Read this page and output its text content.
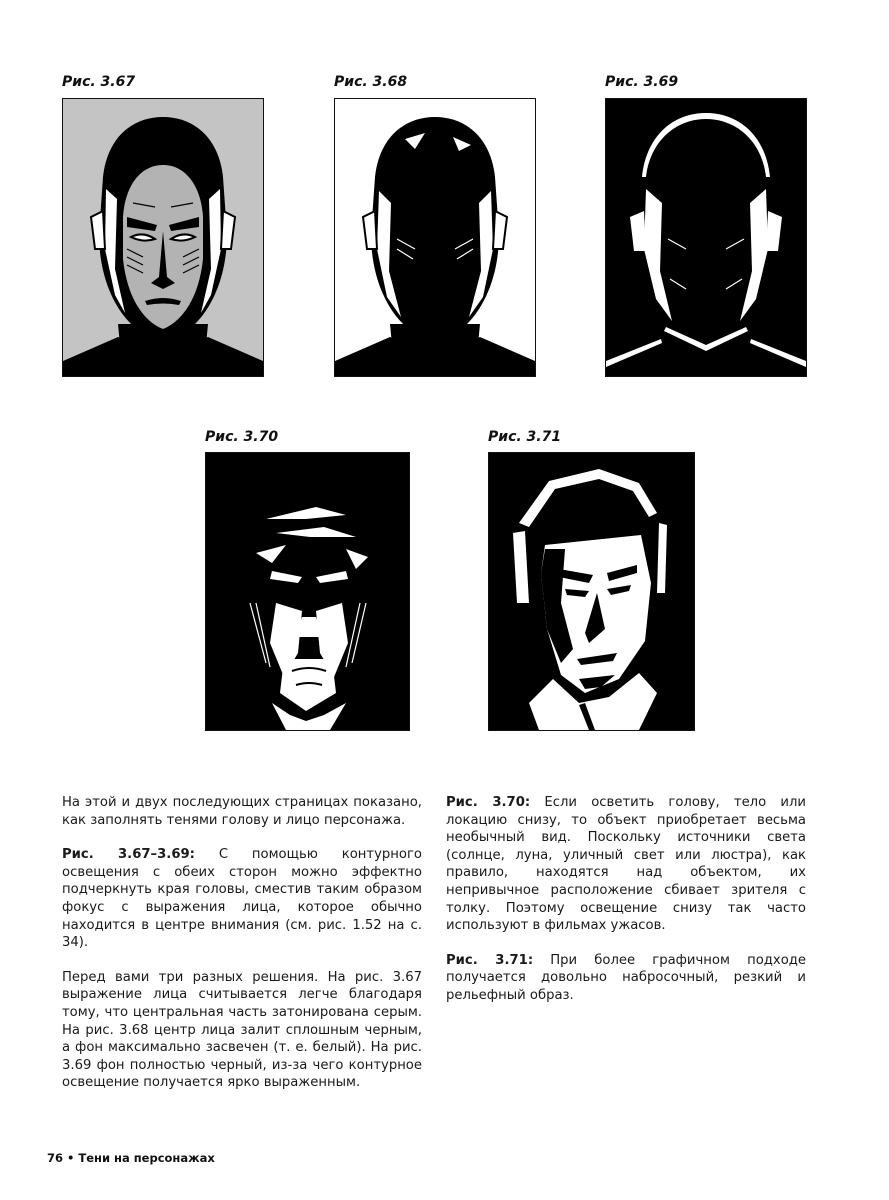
Рис. 3.67	Рис. 3.68	Рис. 3.69
Рис. 3.70	Рис. 3.71

На этой и двух последующих страницах показано, как заполнять тенями голову и лицо персонажа.

Рис. 3.67–3.69: С помощью контурного освещения с обеих сторон можно эффектно подчеркнуть края головы, сместив таким образом фокус с выражения лица, которое обычно находится в центре внимания (см. рис. 1.52 на с. 34).

Перед вами три разных решения. На рис. 3.67 выражение лица считывается легче благодаря тому, что центральная часть затонирована серым. На рис. 3.68 центр лица залит сплошным черным, а фон максимально засвечен (т. е. белый). На рис. 3.69 фон полностью черный, из-за чего контурное освещение получается ярко выраженным.

Рис. 3.70: Если осветить голову, тело или локацию снизу, то объект приобретает весьма необычный вид. Поскольку источники света (солнце, луна, уличный свет или люстра), как правило, находятся над объектом, их непривычное расположение сбивает зрителя с толку. Поэтому освещение снизу так часто используют в фильмах ужасов.

Рис. 3.71: При более графичном подходе получается довольно набросочный, резкий и рельефный образ.

76 • Тени на персонажах
